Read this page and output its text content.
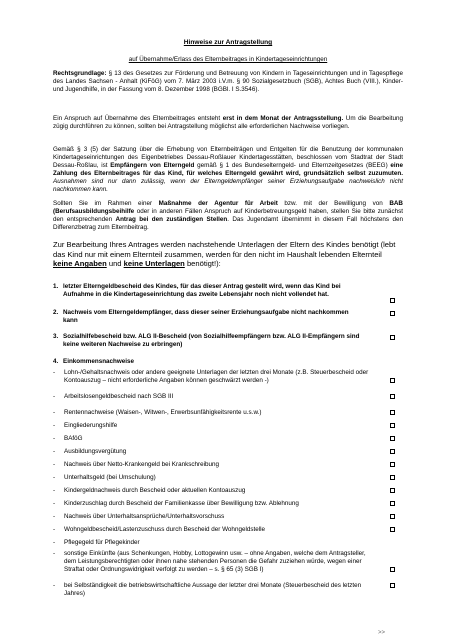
Hinweise zur Antragstellung
auf Übernahme/Erlass des Elternbeitrages in Kindertageseinrichtungen
Rechtsgrundlage: § 13 des Gesetzes zur Förderung und Betreuung von Kindern in Tageseinrichtungen und in Tagespflege des Landes Sachsen - Anhalt (KiFöG) vom 7. März 2003 i.V.m. § 90 Sozialgesetzbuch (SGB), Achtes Buch (VIII.), Kinder- und Jugendhilfe, in der Fassung vom 8. Dezember 1998 (BGBl. I S.3546).
Ein Anspruch auf Übernahme des Elternbeitrages entsteht erst in dem Monat der Antragsstellung. Um die Bearbeitung zügig durchführen zu können, sollten bei Antragstellung möglichst alle erforderlichen Nachweise vorliegen.
Gemäß § 3 (5) der Satzung über die Erhebung von Elternbeiträgen und Entgelten für die Benutzung der kommunalen Kindertageseinrichtungen des Eigenbetriebes Dessau-Roßlauer Kindertagesstätten, beschlossen vom Stadtrat der Stadt Dessau-Roßlau, ist Empfängern von Elterngeld gemäß § 1 des Bundeselterngeld- und Elternzeitgesetzes (BEEG) eine Zahlung des Elternbeitrages für das Kind, für welches Elterngeld gewährt wird, grundsätzlich selbst zuzumuten. Ausnahmen sind nur dann zulässig, wenn der Elterngeldempfänger seiner Erziehungsaufgabe nachweislich nicht nachkommen kann.
Sollten Sie im Rahmen einer Maßnahme der Agentur für Arbeit bzw. mit der Bewilligung von BAB (Berufsausbildungsbeihilfe oder in anderen Fällen Anspruch auf Kinderbetreuungsgeld haben, stellen Sie bitte zunächst den entsprechenden Antrag bei den zuständigen Stellen. Das Jugendamt übernimmt in diesem Fall höchstens den Differenzbetrag zum Elternbeitrag.
Zur Bearbeitung Ihres Antrages werden nachstehende Unterlagen der Eltern des Kindes benötigt (lebt das Kind nur mit einem Elternteil zusammen, werden für den nicht im Haushalt lebenden Elternteil keine Angaben und keine Unterlagen benötigt!):
1. letzter Elterngeldbescheid des Kindes, für das dieser Antrag gestellt wird, wenn das Kind bei Aufnahme in die Kindertageseinrichtung das zweite Lebensjahr noch nicht vollendet hat.
2. Nachweis vom Elterngeldempfänger, dass dieser seiner Erziehungsaufgabe nicht nachkommen kann
3. Sozialhilfebescheid bzw. ALG II-Bescheid (von Sozialhilfeempfängern bzw. ALG II-Empfängern sind keine weiteren Nachweise zu erbringen)
4. Einkommensnachweise
- Lohn-/Gehaltsnachweis oder andere geeignete Unterlagen der letzten drei Monate (z.B. Steuerbescheid oder Kontoauszug – nicht erforderliche Angaben können geschwärzt werden -)
- Arbeitslosengeldbescheid nach SGB III
- Rentennachweise (Waisen-, Witwen-, Erwerbsunfähigkeitsrente u.s.w.)
- Eingliederungshilfe
- BAföG
- Ausbildungsvergütung
- Nachweis über Netto-Krankengeld bei Krankschreibung
- Unterhaltsgeld (bei Umschulung)
- Kindergeldnachweis durch Bescheid oder aktuellen Kontoauszug
- Kinderzuschlag durch Bescheid der Familienkasse über Bewilligung bzw. Ablehnung
- Nachweis über Unterhaltsansprüche/Unterhaltsvorschuss
- Wohngeldbescheid/Lastenzuschuss durch Bescheid der Wohngeldstelle
- Pflegegeld für Pflegekinder
- sonstige Einkünfte (aus Schenkungen, Hobby, Lottogewinn usw. – ohne Angaben, welche dem Antragsteller, dem Leistungsberechtigten oder ihnen nahe stehenden Personen die Gefahr zuziehen würde, wegen einer Straftat oder Ordnungswidrigkeit verfolgt zu werden – s. § 65 (3) SGB I)
- bei Selbständigkeit die betriebswirtschaftliche Aussage der letzter drei Monate (Steuerbescheid des letzten Jahres)
>>
